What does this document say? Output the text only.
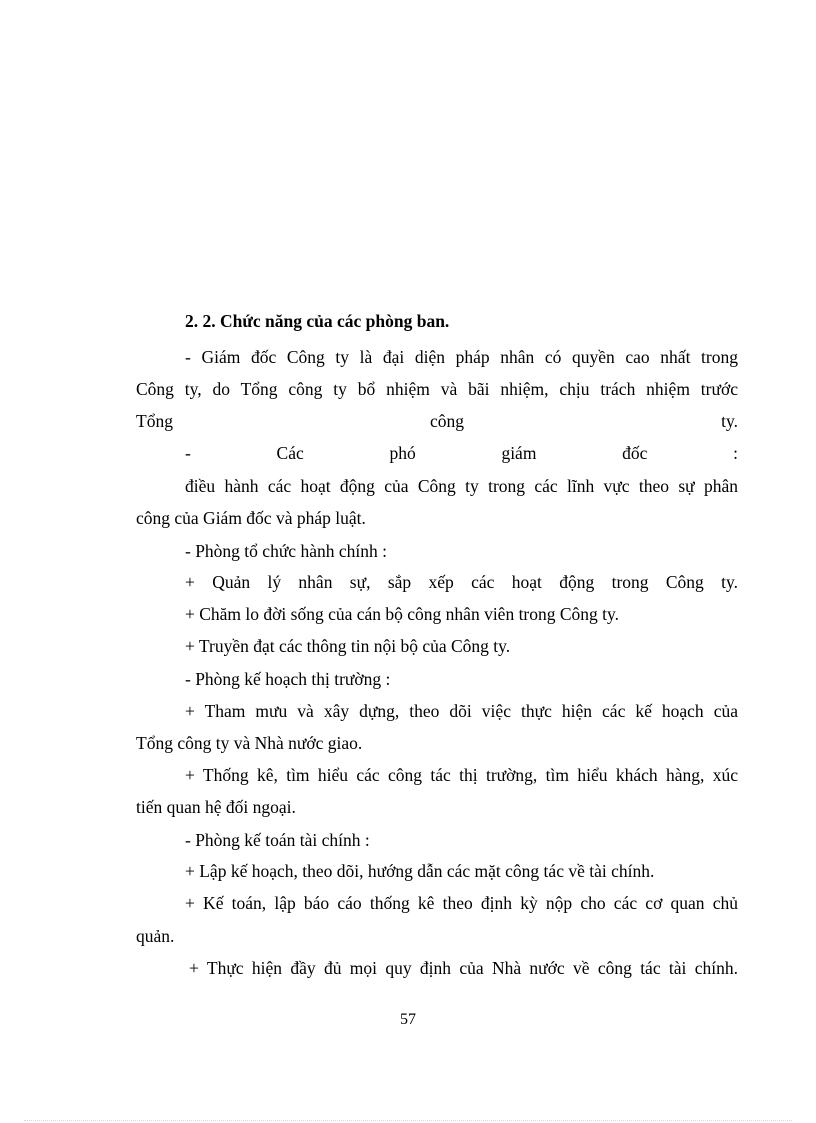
2. 2. Chức năng của các phòng ban.
- Giám đốc Công ty là đại diện pháp nhân có quyền cao nhất trong
Công ty, do Tổng công ty bổ nhiệm và bãi nhiệm, chịu trách nhiệm trước
Tổng công ty.
- Các phó giám đốc :
điều hành các hoạt động của Công ty trong các lĩnh vực theo sự phân
công của Giám đốc và pháp luật.
- Phòng tổ chức hành chính :
+ Quản lý nhân sự, sắp xếp các hoạt động trong Công ty.
+ Chăm lo đời sống của cán bộ công nhân viên trong Công ty.
+ Truyền đạt các thông tin nội bộ của Công ty.
- Phòng kế hoạch thị trường :
+ Tham mưu và xây dựng, theo dõi việc thực hiện các kế hoạch của
Tổng công ty và Nhà nước giao.
+ Thống kê, tìm hiểu các công tác thị trường, tìm hiểu khách hàng, xúc
tiến quan hệ đối ngoại.
- Phòng kế toán tài chính :
+ Lập kế hoạch, theo dõi, hướng dẫn các mặt công tác về tài chính.
+ Kế toán, lập báo cáo thống kê theo định kỳ nộp cho các cơ quan chủ
quản.
+ Thực hiện đầy đủ mọi quy định của Nhà nước về công tác tài chính.
57
